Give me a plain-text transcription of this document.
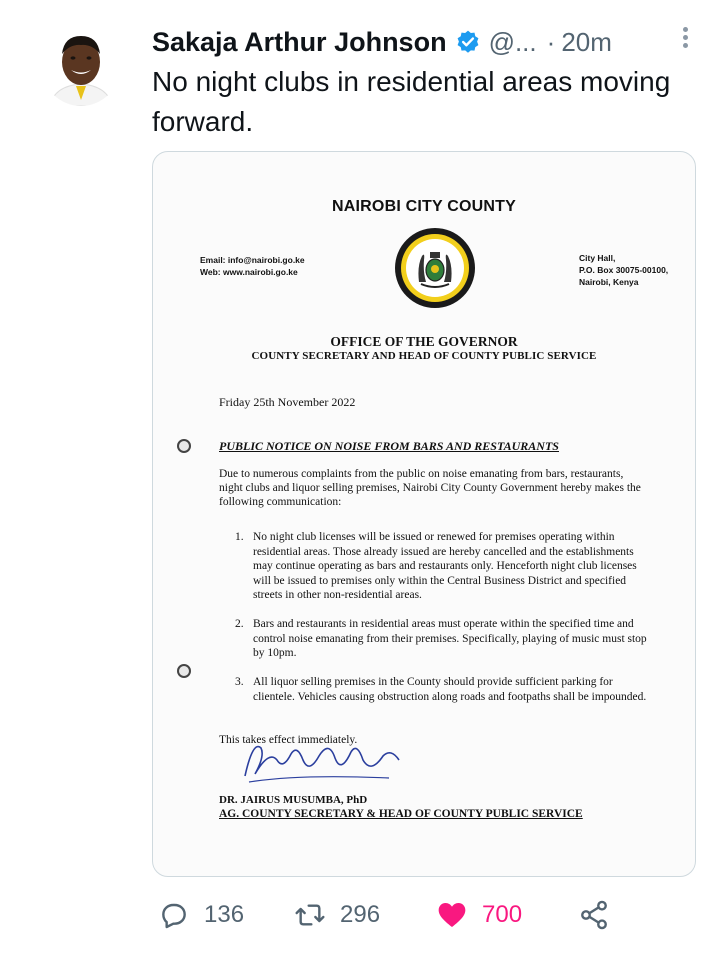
Sakaja Arthur Johnson @... · 20m
No night clubs in residential areas moving forward.
NAIROBI CITY COUNTY
Email: info@nairobi.go.ke
Web: www.nairobi.go.ke
City Hall,
P.O. Box 30075-00100,
Nairobi, Kenya
OFFICE OF THE GOVERNOR
COUNTY SECRETARY AND HEAD OF COUNTY PUBLIC SERVICE
Friday 25th November 2022
PUBLIC NOTICE ON NOISE FROM BARS AND RESTAURANTS
Due to numerous complaints from the public on noise emanating from bars, restaurants, night clubs and liquor selling premises, Nairobi City County Government hereby makes the following communication:
1. No night club licenses will be issued or renewed for premises operating within residential areas. Those already issued are hereby cancelled and the establishments may continue operating as bars and restaurants only. Henceforth night club licenses will be issued to premises only within the Central Business District and specified streets in other non-residential areas.
2. Bars and restaurants in residential areas must operate within the specified time and control noise emanating from their premises. Specifically, playing of music must stop by 10pm.
3. All liquor selling premises in the County should provide sufficient parking for clientele. Vehicles causing obstruction along roads and footpaths shall be impounded.
This takes effect immediately.
DR. JAIRUS MUSUMBA, PhD
AG. COUNTY SECRETARY & HEAD OF COUNTY PUBLIC SERVICE
136	296	700
